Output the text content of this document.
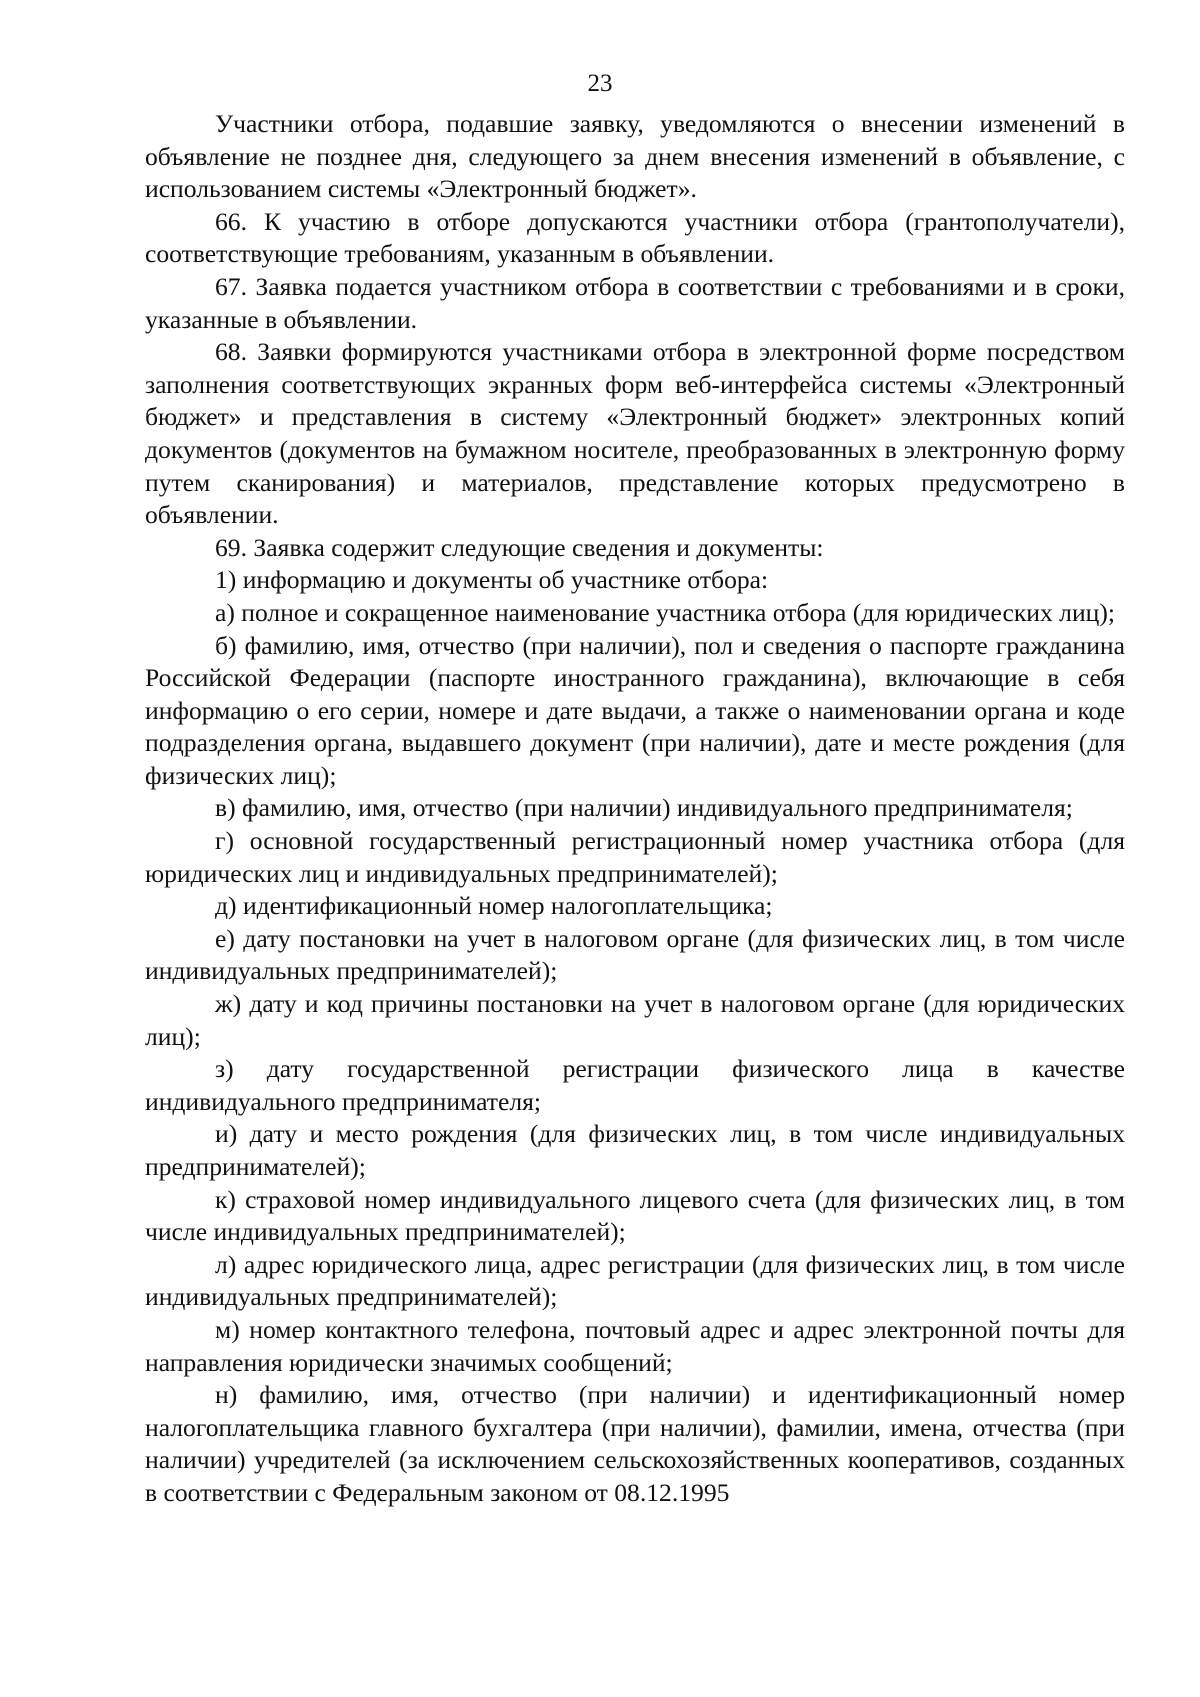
23

Участники отбора, подавшие заявку, уведомляются о внесении изменений в объявление не позднее дня, следующего за днем внесения изменений в объявление, с использованием системы «Электронный бюджет».

66. К участию в отборе допускаются участники отбора (грантополучатели), соответствующие требованиям, указанным в объявлении.

67. Заявка подается участником отбора в соответствии с требованиями и в сроки, указанные в объявлении.

68. Заявки формируются участниками отбора в электронной форме посредством заполнения соответствующих экранных форм веб-интерфейса системы «Электронный бюджет» и представления в систему «Электронный бюджет» электронных копий документов (документов на бумажном носителе, преобразованных в электронную форму путем сканирования) и материалов, представление которых предусмотрено в объявлении.

69. Заявка содержит следующие сведения и документы:

1) информацию и документы об участнике отбора:

а) полное и сокращенное наименование участника отбора (для юридических лиц);

б) фамилию, имя, отчество (при наличии), пол и сведения о паспорте гражданина Российской Федерации (паспорте иностранного гражданина), включающие в себя информацию о его серии, номере и дате выдачи, а также о наименовании органа и коде подразделения органа, выдавшего документ (при наличии), дате и месте рождения (для физических лиц);

в) фамилию, имя, отчество (при наличии) индивидуального предпринимателя;

г) основной государственный регистрационный номер участника отбора (для юридических лиц и индивидуальных предпринимателей);

д) идентификационный номер налогоплательщика;

е) дату постановки на учет в налоговом органе (для физических лиц, в том числе индивидуальных предпринимателей);

ж) дату и код причины постановки на учет в налоговом органе (для юридических лиц);

з) дату государственной регистрации физического лица в качестве индивидуального предпринимателя;

и) дату и место рождения (для физических лиц, в том числе индивидуальных предпринимателей);

к) страховой номер индивидуального лицевого счета (для физических лиц, в том числе индивидуальных предпринимателей);

л) адрес юридического лица, адрес регистрации (для физических лиц, в том числе индивидуальных предпринимателей);

м) номер контактного телефона, почтовый адрес и адрес электронной почты для направления юридически значимых сообщений;

н) фамилию, имя, отчество (при наличии) и идентификационный номер налогоплательщика главного бухгалтера (при наличии), фамилии, имена, отчества (при наличии) учредителей (за исключением сельскохозяйственных кооперативов, созданных в соответствии с Федеральным законом от 08.12.1995
